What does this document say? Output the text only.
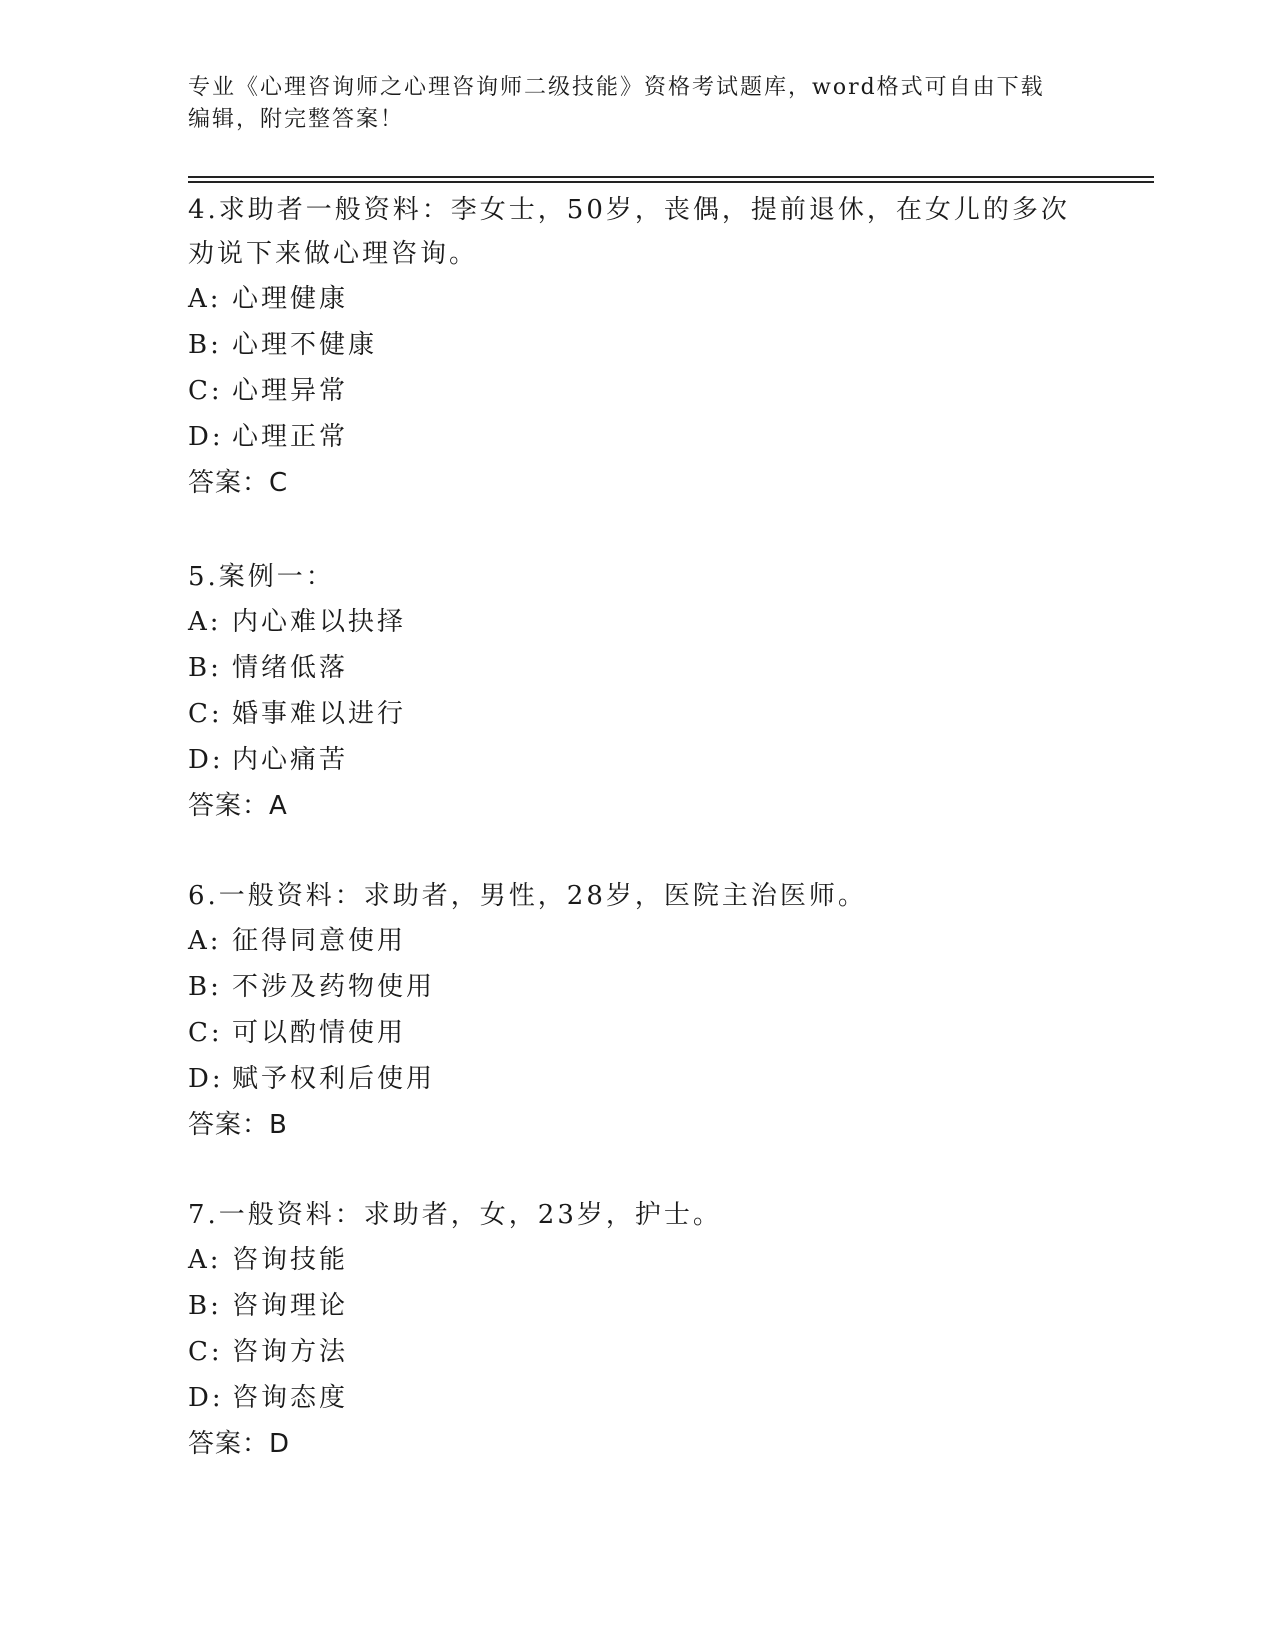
专业《心理咨询师之心理咨询师二级技能》资格考试题库，word格式可自由下载
编辑，附完整答案！

4.求助者一般资料：李女士，50岁，丧偶，提前退休，在女儿的多次

劝说下来做心理咨询。

A: 心理健康

B: 心理不健康

C: 心理异常

D: 心理正常

答案：C

5.案例一：

A: 内心难以抉择

B: 情绪低落

C: 婚事难以进行

D: 内心痛苦

答案：A

6.一般资料：求助者，男性，28岁，医院主治医师。

A: 征得同意使用

B: 不涉及药物使用

C: 可以酌情使用

D: 赋予权利后使用

答案：B

7.一般资料：求助者，女，23岁，护士。

A: 咨询技能

B: 咨询理论

C: 咨询方法

D: 咨询态度

答案：D
